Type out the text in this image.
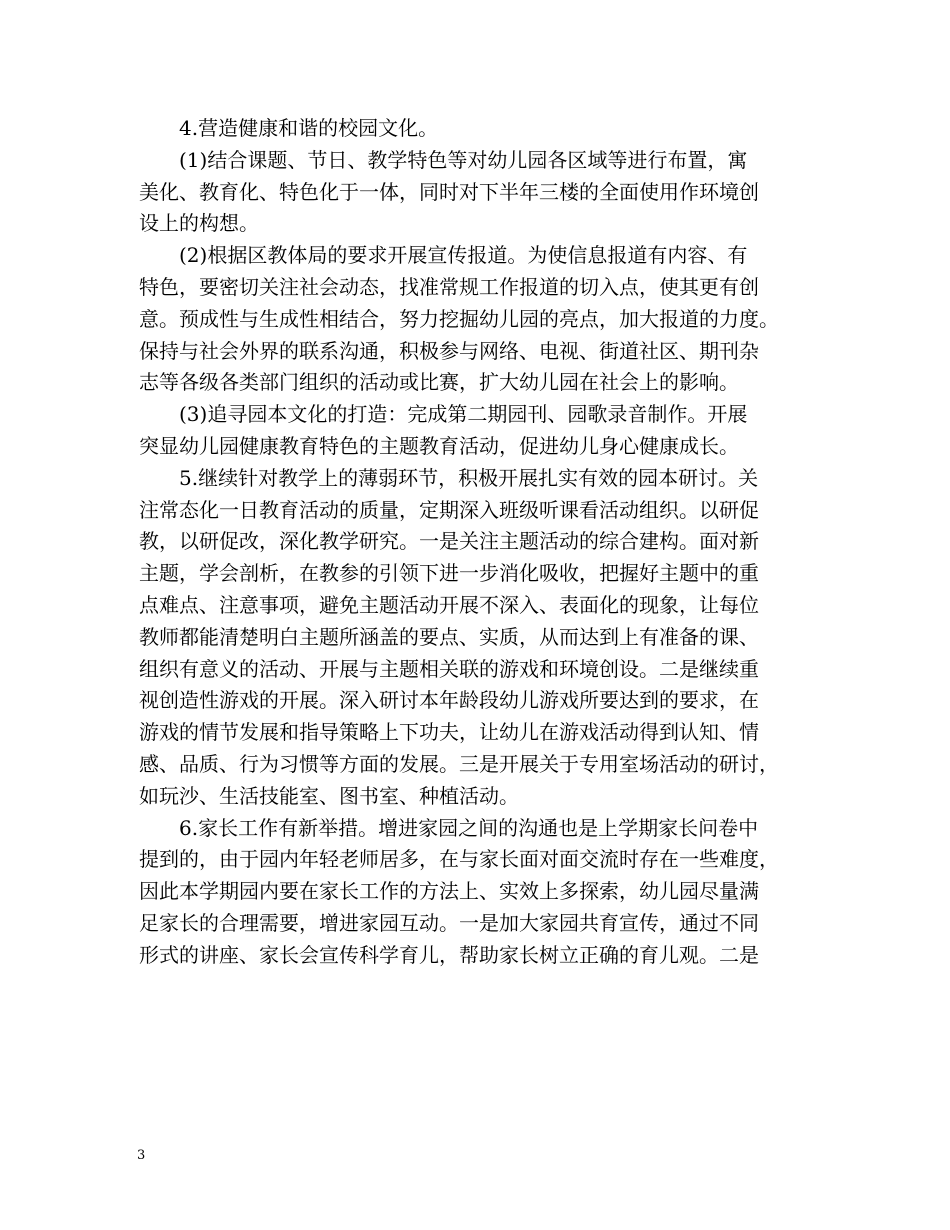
4.营造健康和谐的校园文化。
(1)结合课题、节日、教学特色等对幼儿园各区域等进行布置，寓
美化、教育化、特色化于一体，同时对下半年三楼的全面使用作环境创
设上的构想。
(2)根据区教体局的要求开展宣传报道。为使信息报道有内容、有
特色，要密切关注社会动态，找准常规工作报道的切入点，使其更有创
意。预成性与生成性相结合，努力挖掘幼儿园的亮点，加大报道的力度。
保持与社会外界的联系沟通，积极参与网络、电视、街道社区、期刊杂
志等各级各类部门组织的活动或比赛，扩大幼儿园在社会上的影响。
(3)追寻园本文化的打造：完成第二期园刊、园歌录音制作。开展
突显幼儿园健康教育特色的主题教育活动，促进幼儿身心健康成长。
5.继续针对教学上的薄弱环节，积极开展扎实有效的园本研讨。关
注常态化一日教育活动的质量，定期深入班级听课看活动组织。以研促
教，以研促改，深化教学研究。一是关注主题活动的综合建构。面对新
主题，学会剖析，在教参的引领下进一步消化吸收，把握好主题中的重
点难点、注意事项，避免主题活动开展不深入、表面化的现象，让每位
教师都能清楚明白主题所涵盖的要点、实质，从而达到上有准备的课、
组织有意义的活动、开展与主题相关联的游戏和环境创设。二是继续重
视创造性游戏的开展。深入研讨本年龄段幼儿游戏所要达到的要求，在
游戏的情节发展和指导策略上下功夫，让幼儿在游戏活动得到认知、情
感、品质、行为习惯等方面的发展。三是开展关于专用室场活动的研讨，
如玩沙、生活技能室、图书室、种植活动。
6.家长工作有新举措。增进家园之间的沟通也是上学期家长问卷中
提到的，由于园内年轻老师居多，在与家长面对面交流时存在一些难度，
因此本学期园内要在家长工作的方法上、实效上多探索，幼儿园尽量满
足家长的合理需要，增进家园互动。一是加大家园共育宣传，通过不同
形式的讲座、家长会宣传科学育儿，帮助家长树立正确的育儿观。二是
3
